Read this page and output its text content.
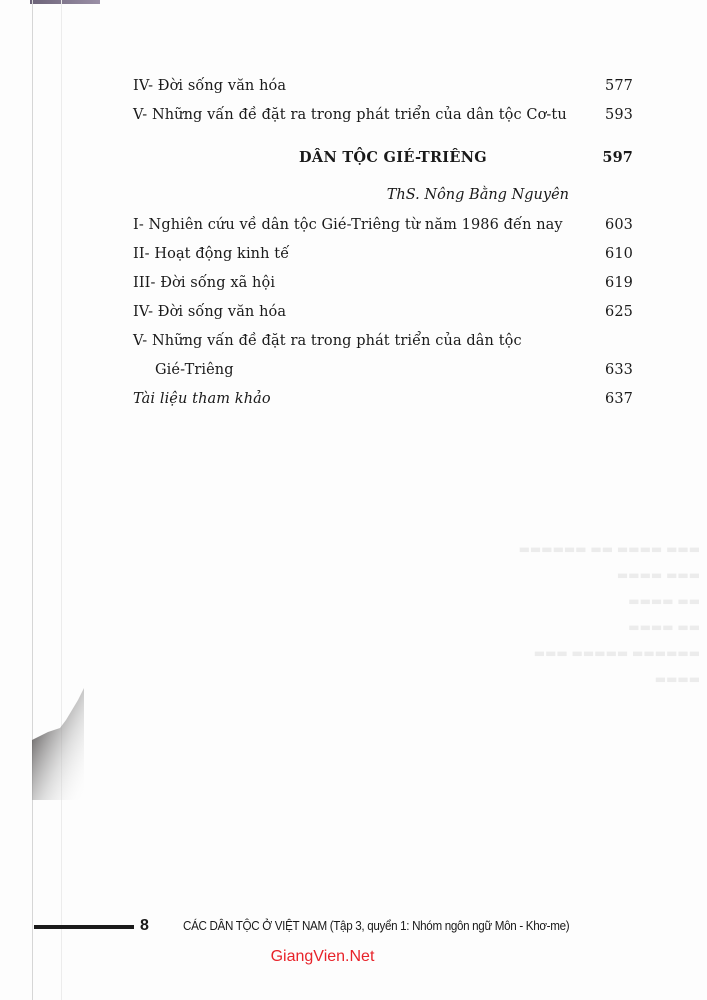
▬▬▬ ▬▬▬▬ ▬▬ ▬▬▬▬▬▬
▬▬▬ ▬▬▬▬
▬▬ ▬▬▬▬
▬▬ ▬▬▬▬
▬▬▬▬▬▬ ▬▬▬▬▬ ▬▬▬
▬▬▬▬
IV- Đời sống văn hóa	577
V- Những vấn đề đặt ra trong phát triển của dân tộc Cơ-tu	593
DÂN TỘC GIÉ-TRIÊNG	597
ThS. Nông Bằng Nguyên
I- Nghiên cứu về dân tộc Gié-Triêng từ năm 1986 đến nay	603
II- Hoạt động kinh tế	610
III- Đời sống xã hội	619
IV- Đời sống văn hóa	625
V- Những vấn đề đặt ra trong phát triển của dân tộc
Gié-Triêng	633
Tài liệu tham khảo	637
8	CÁC DÂN TỘC Ở VIỆT NAM (Tập 3, quyển 1: Nhóm ngôn ngữ Môn - Khơ-me)
GiangVien.Net
